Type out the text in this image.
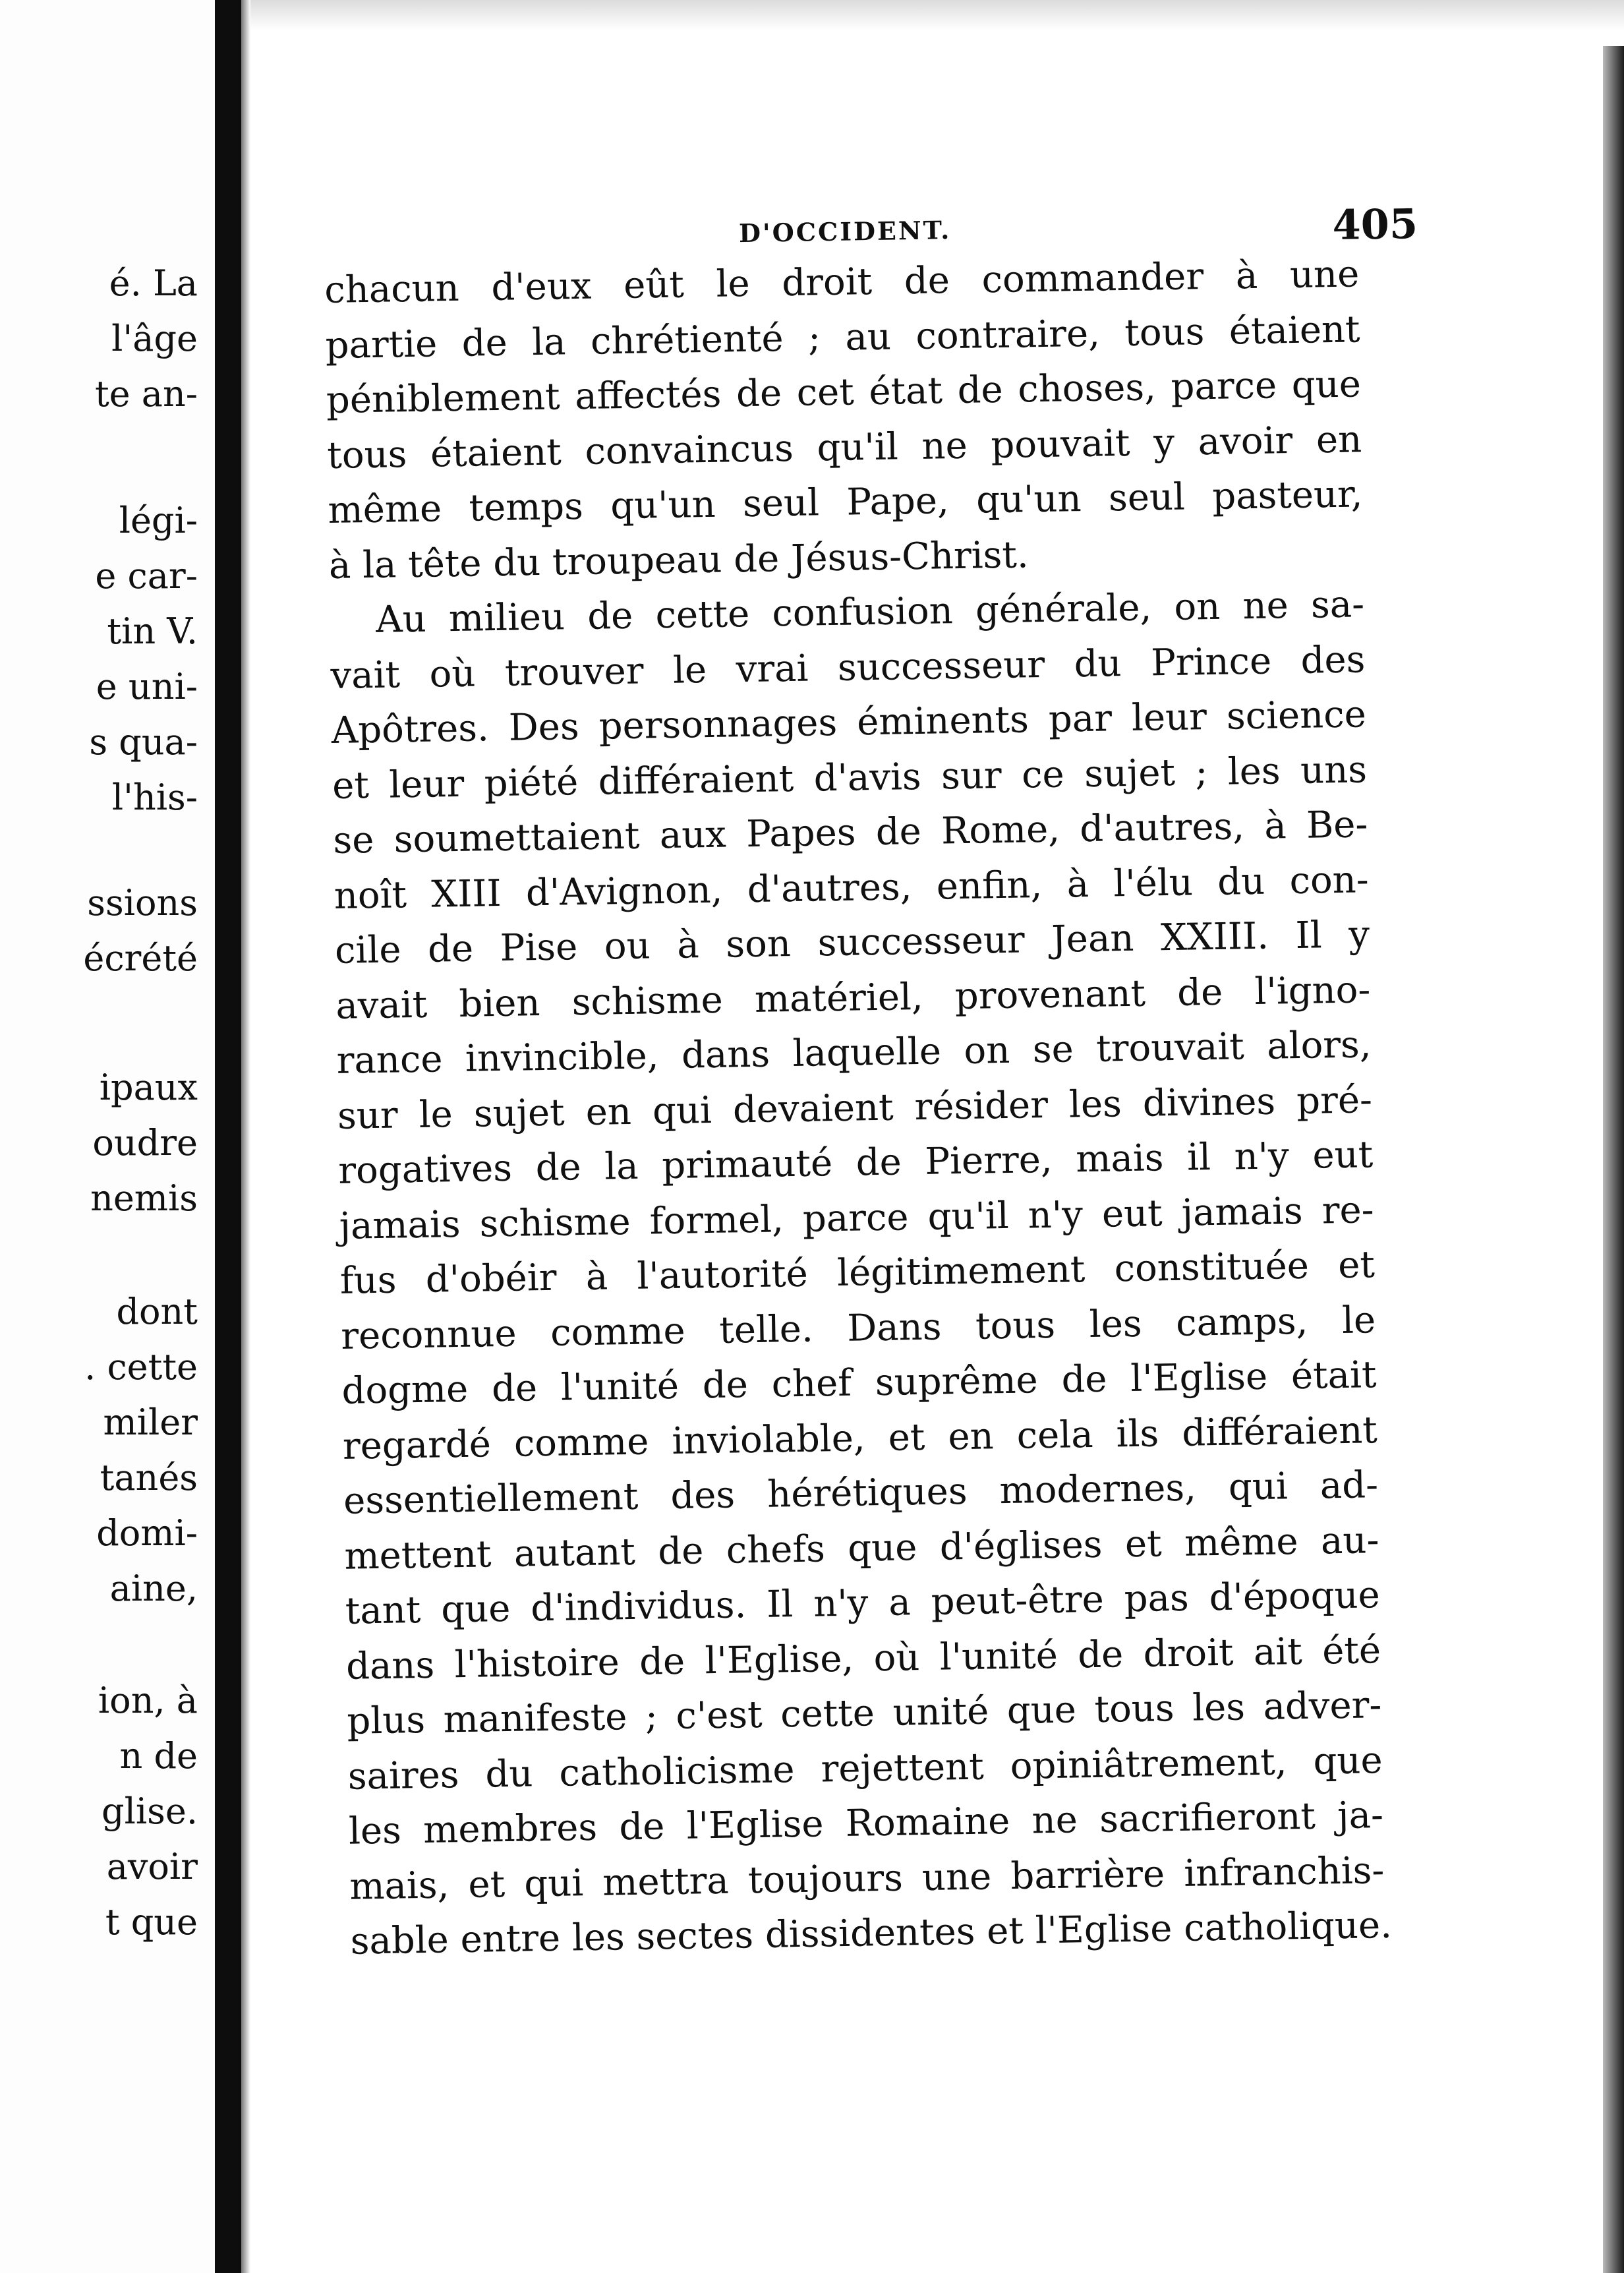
é. La
l'âge
te an-
légi-
e car-
tin V.
e uni-
s qua-
l'his-
ssions
écrété
ipaux
oudre
nemis
dont
. cette
miler
tanés
domi-
aine,
ion, à
n de
glise.
avoir
t que
D'OCCIDENT.	405
chacun d'eux eût le droit de commander à une
partie de la chrétienté ; au contraire, tous étaient
péniblement affectés de cet état de choses, parce que
tous étaient convaincus qu'il ne pouvait y avoir en
même temps qu'un seul Pape, qu'un seul pasteur,
à la tête du troupeau de Jésus-Christ.
Au milieu de cette confusion générale, on ne sa-
vait où trouver le vrai successeur du Prince des
Apôtres. Des personnages éminents par leur science
et leur piété différaient d'avis sur ce sujet ; les uns
se soumettaient aux Papes de Rome, d'autres, à Be-
noît XIII d'Avignon, d'autres, enfin, à l'élu du con-
cile de Pise ou à son successeur Jean XXIII. Il y
avait bien schisme matériel, provenant de l'igno-
rance invincible, dans laquelle on se trouvait alors,
sur le sujet en qui devaient résider les divines pré-
rogatives de la primauté de Pierre, mais il n'y eut
jamais schisme formel, parce qu'il n'y eut jamais re-
fus d'obéir à l'autorité légitimement constituée et
reconnue comme telle. Dans tous les camps, le
dogme de l'unité de chef suprême de l'Eglise était
regardé comme inviolable, et en cela ils différaient
essentiellement des hérétiques modernes, qui ad-
mettent autant de chefs que d'églises et même au-
tant que d'individus. Il n'y a peut-être pas d'époque
dans l'histoire de l'Eglise, où l'unité de droit ait été
plus manifeste ; c'est cette unité que tous les adver-
saires du catholicisme rejettent opiniâtrement, que
les membres de l'Eglise Romaine ne sacrifieront ja-
mais, et qui mettra toujours une barrière infranchis-
sable entre les sectes dissidentes et l'Eglise catholique.
